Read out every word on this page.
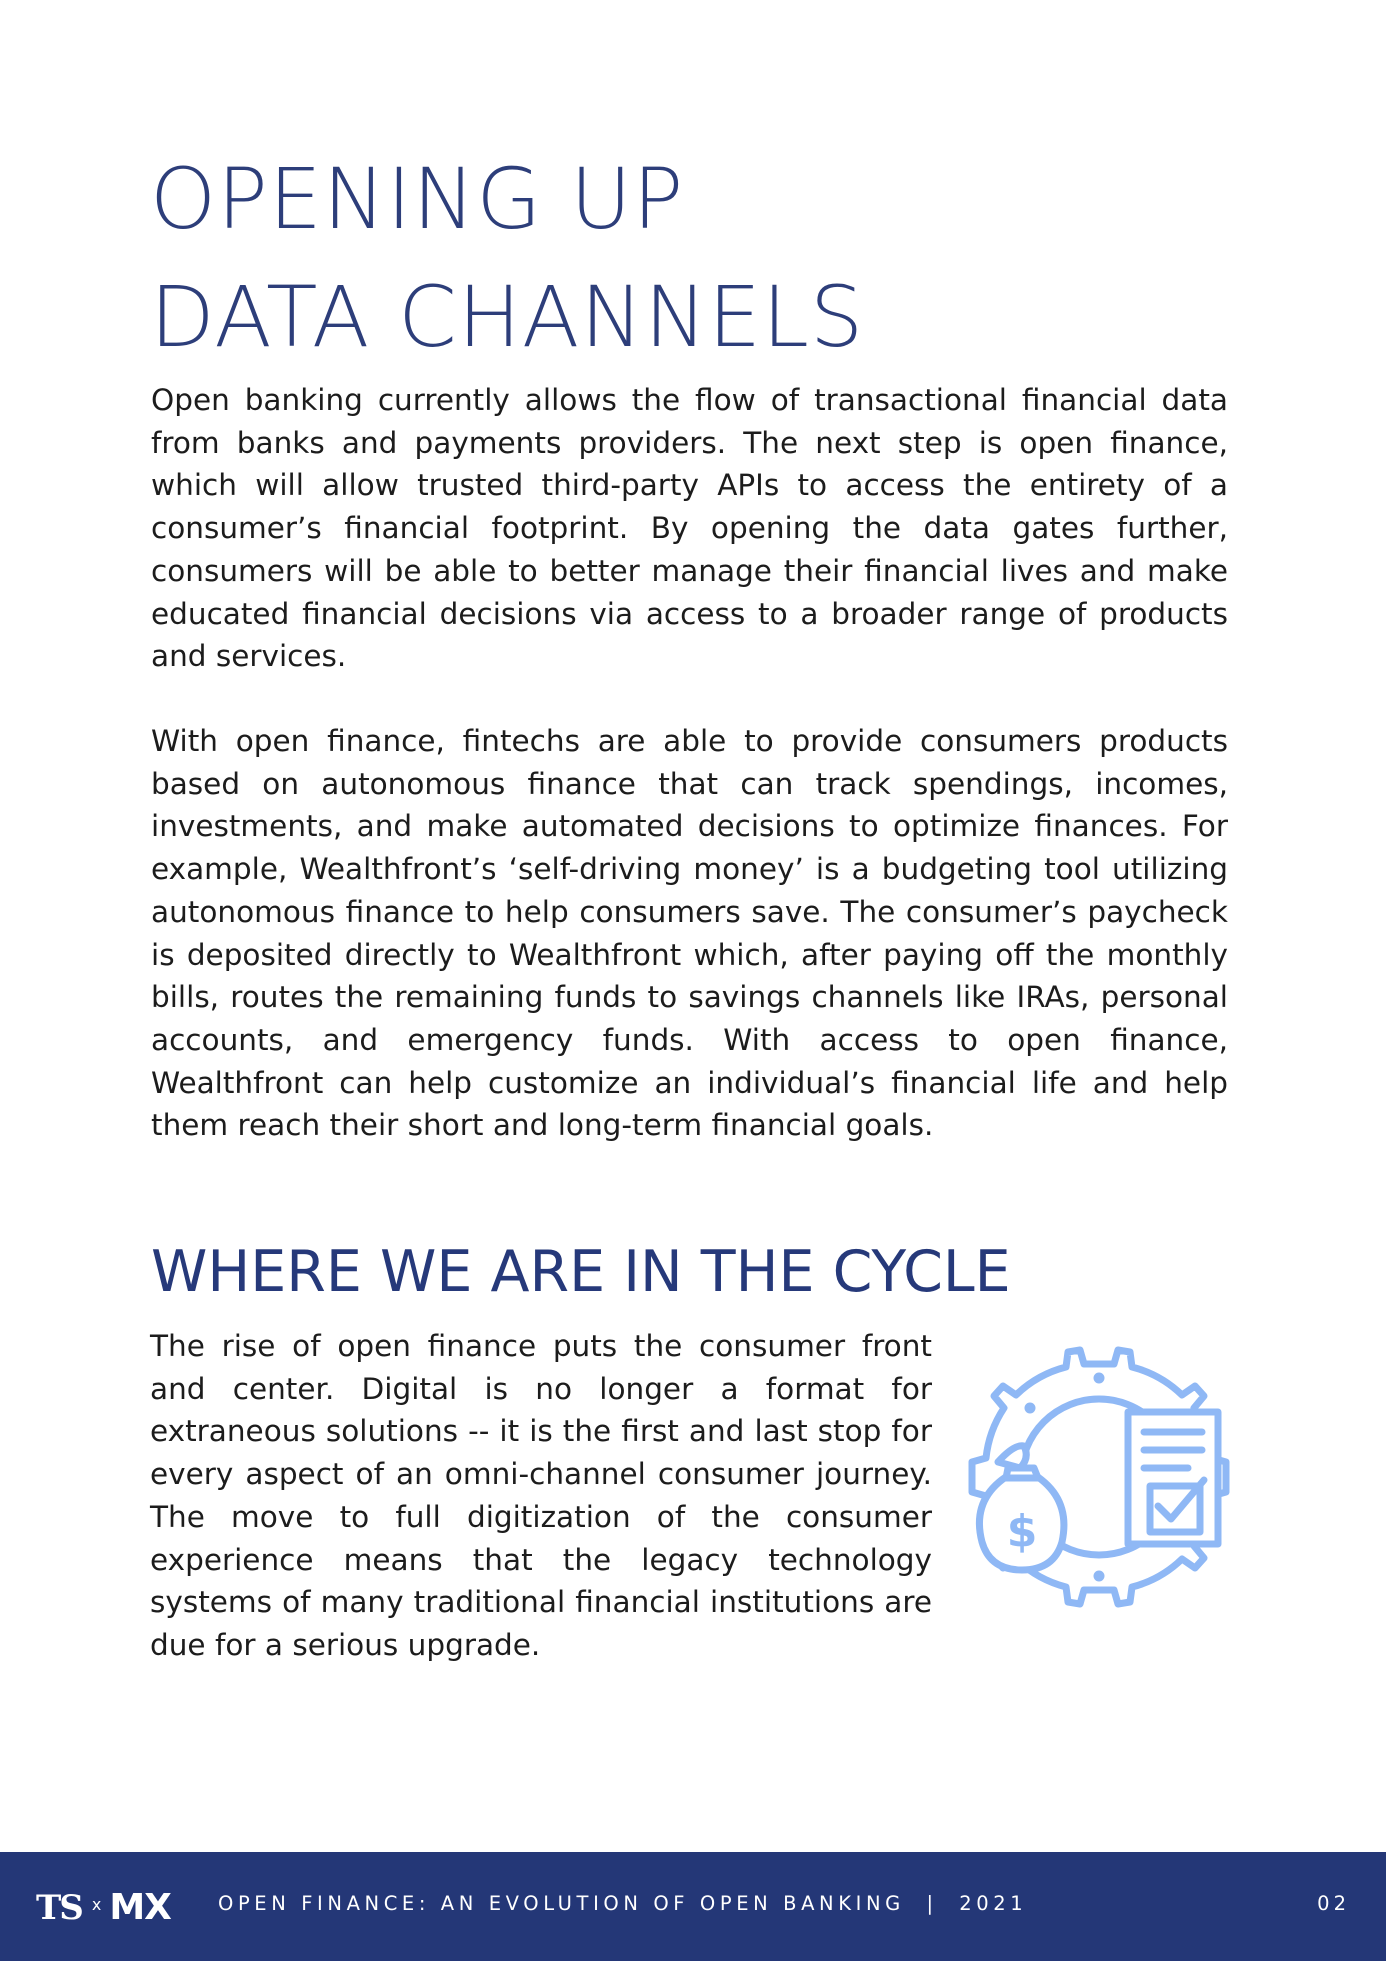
OPENING UP
DATA CHANNELS

Open banking currently allows the flow of transactional financial data from banks and payments providers. The next step is open finance, which will allow trusted third-party APIs to access the entirety of a consumer’s financial footprint. By opening the data gates further, consumers will be able to better manage their financial lives and make educated financial decisions via access to a broader range of products and services.

With open finance, fintechs are able to provide consumers products based on autonomous finance that can track spendings, incomes, investments, and make automated decisions to optimize finances. For example, Wealthfront’s ‘self-driving money’ is a budgeting tool utilizing autonomous finance to help consumers save. The consumer’s paycheck is deposited directly to Wealthfront which, after paying off the monthly bills, routes the remaining funds to savings channels like IRAs, personal accounts, and emergency funds. With access to open finance, Wealthfront can help customize an individual’s financial life and help them reach their short and long-term financial goals.

WHERE WE ARE IN THE CYCLE

The rise of open finance puts the consumer front and center. Digital is no longer a format for extraneous solutions -- it is the first and last stop for every aspect of an omni-channel consumer journey. The move to full digitization of the consumer experience means that the legacy technology systems of many traditional financial institutions are due for a serious upgrade.

$
TS x MX OPEN FINANCE: AN EVOLUTION OF OPEN BANKING  |  2021	02
